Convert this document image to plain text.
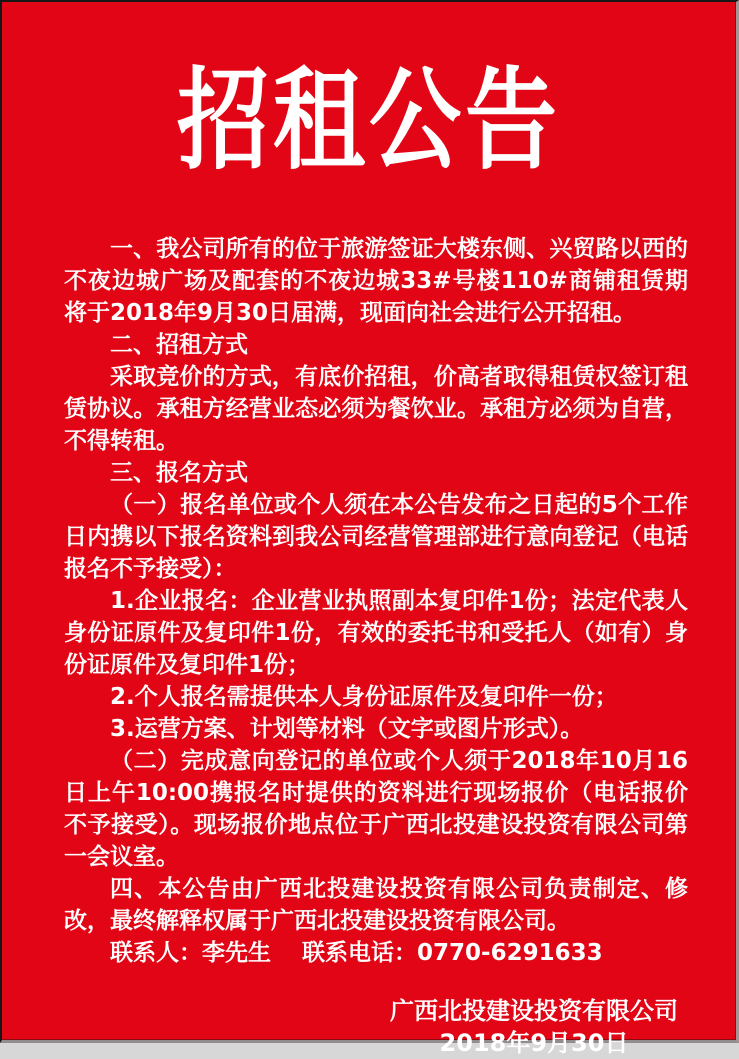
招租公告

一、我公司所有的位于旅游签证大楼东侧、兴贸路以西的不夜边城广场及配套的不夜边城33#号楼110#商铺租赁期将于2018年9月30日届满，现面向社会进行公开招租。

二、招租方式

采取竞价的方式，有底价招租，价高者取得租赁权签订租赁协议。承租方经营业态必须为餐饮业。承租方必须为自营，不得转租。

三、报名方式

（一）报名单位或个人须在本公告发布之日起的5个工作日内携以下报名资料到我公司经营管理部进行意向登记（电话报名不予接受）：

1.企业报名：企业营业执照副本复印件1份；法定代表人身份证原件及复印件1份，有效的委托书和受托人（如有）身份证原件及复印件1份；

2.个人报名需提供本人身份证原件及复印件一份；

3.运营方案、计划等材料（文字或图片形式）。

（二）完成意向登记的单位或个人须于2018年10月16日上午10:00携报名时提供的资料进行现场报价（电话报价不予接受）。现场报价地点位于广西北投建设投资有限公司第一会议室。

四、本公告由广西北投建设投资有限公司负责制定、修改，最终解释权属于广西北投建设投资有限公司。

联系人：李先生　 联系电话：0770-6291633

广西北投建设投资有限公司
2018年9月30日
